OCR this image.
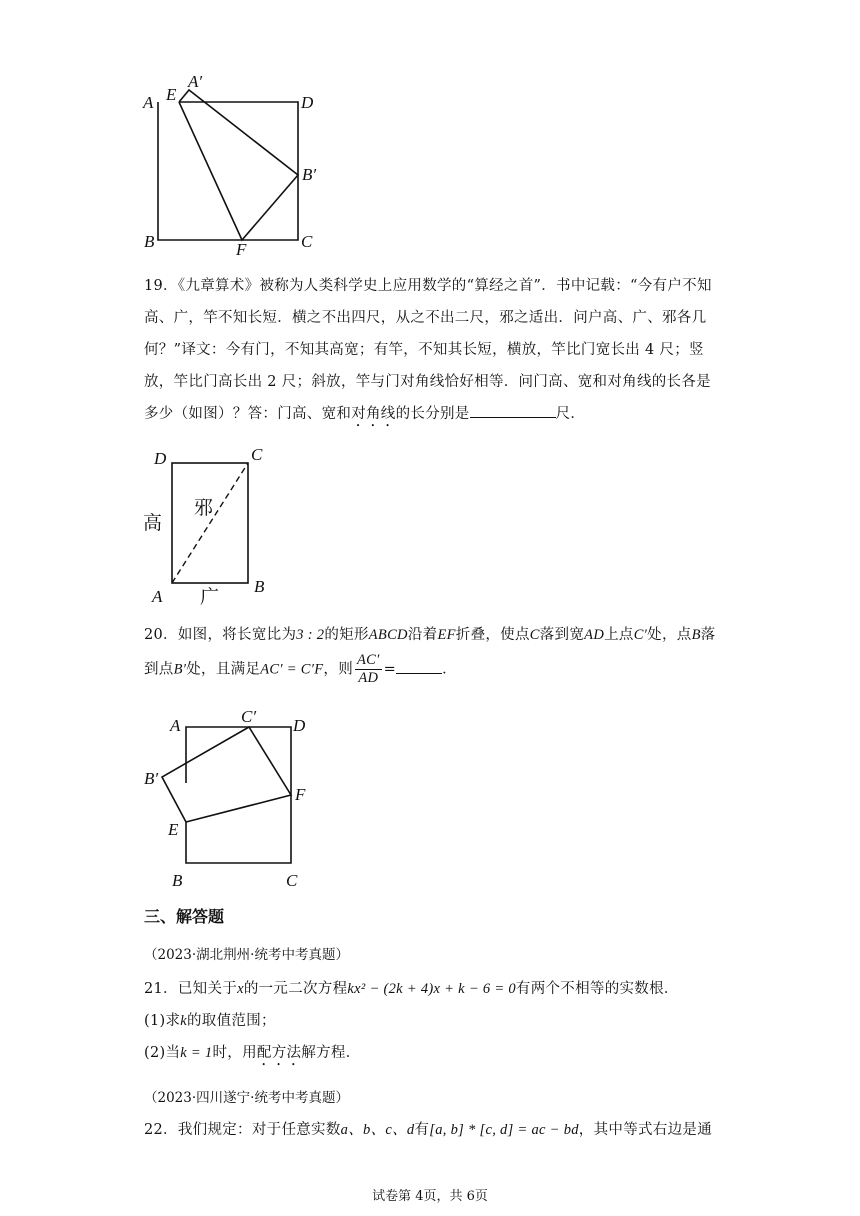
A E
A′
D
B′
B	F	C

19．《九章算术》被称为人类科学史上应用数学的“算经之首”．书中记载：“今有户不知高、广，竿不知长短．横之不出四尺，从之不出二尺，邪之适出．问户高、广、邪各几何？”译文：今有门，不知其高宽；有竿，不知其长短，横放，竿比门宽长出 4 尺；竖放，竿比门高长出 2 尺；斜放，竿与门对角线恰好相等．问门高、宽和对角线的长各是多少（如图）？答：门高、宽和对角线的长分别是	尺．

D	C
A
B
高
邪
广

20．如图，将长宽比为3 : 2的矩形ABCD沿着EF折叠，使点C落到宽AD上点C′处，点B落到点B′处，且满足AC′ = C′F，则 $\frac{AC'}{AD}$ =	．

A	C′ D
B′
F
E
B	C
三、解答题
（2023·湖北荆州·统考中考真题）

21．已知关于x的一元二次方程kx² − (2k + 4)x + k − 6 = 0有两个不相等的实数根．

(1)求k的取值范围；

(2)当k = 1时，用配方法解方程．

（2023·四川遂宁·统考中考真题）

22．我们规定：对于任意实数a、b、c、d有[a, b] * [c, d] = ac − bd，其中等式右边是通

试卷第 4页，共 6页
